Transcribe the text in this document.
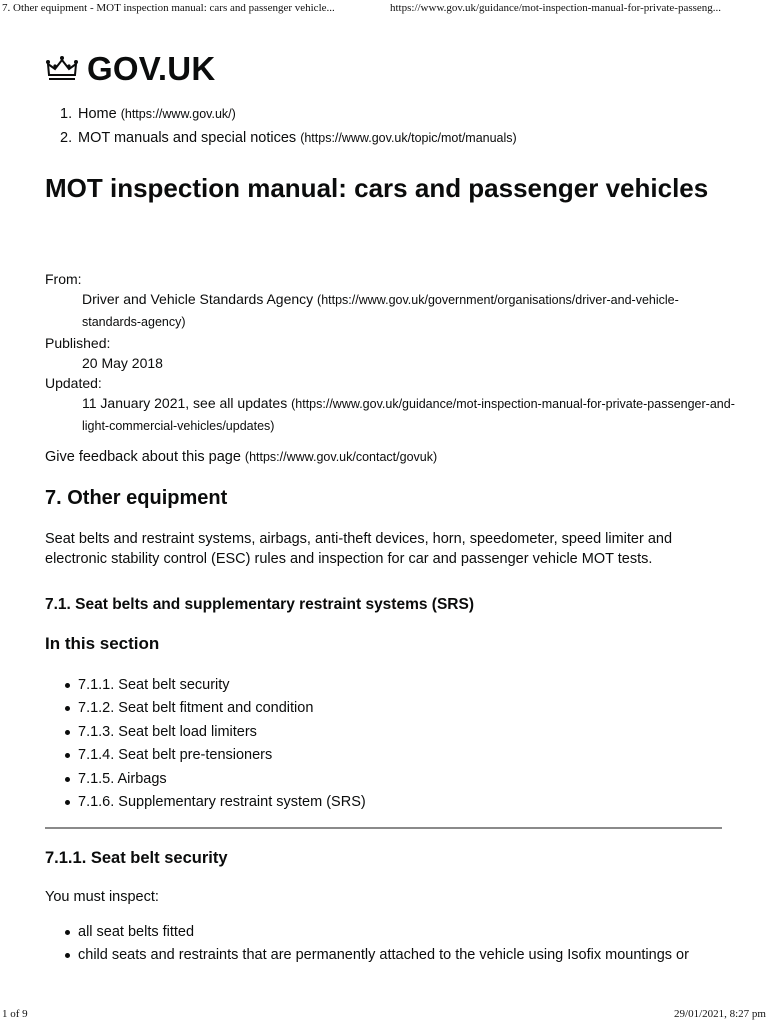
7. Other equipment - MOT inspection manual: cars and passenger vehicle...	https://www.gov.uk/guidance/mot-inspection-manual-for-private-passeng...
GOV.UK
1. Home (https://www.gov.uk/)
2. MOT manuals and special notices (https://www.gov.uk/topic/mot/manuals)
MOT inspection manual: cars and passenger vehicles
From:
Driver and Vehicle Standards Agency (https://www.gov.uk/government/organisations/driver-and-vehicle-standards-agency)
Published:
20 May 2018
Updated:
11 January 2021, see all updates (https://www.gov.uk/guidance/mot-inspection-manual-for-private-passenger-and-light-commercial-vehicles/updates)
Give feedback about this page (https://www.gov.uk/contact/govuk)
7. Other equipment

Seat belts and restraint systems, airbags, anti-theft devices, horn, speedometer, speed limiter and electronic stability control (ESC) rules and inspection for car and passenger vehicle MOT tests.

7.1. Seat belts and supplementary restraint systems (SRS)
In this section
7.1.1. Seat belt security
7.1.2. Seat belt fitment and condition
7.1.3. Seat belt load limiters
7.1.4. Seat belt pre-tensioners
7.1.5. Airbags
7.1.6. Supplementary restraint system (SRS)
7.1.1. Seat belt security

You must inspect:

all seat belts fitted
child seats and restraints that are permanently attached to the vehicle using Isofix mountings or
1 of 9	29/01/2021, 8:27 pm
